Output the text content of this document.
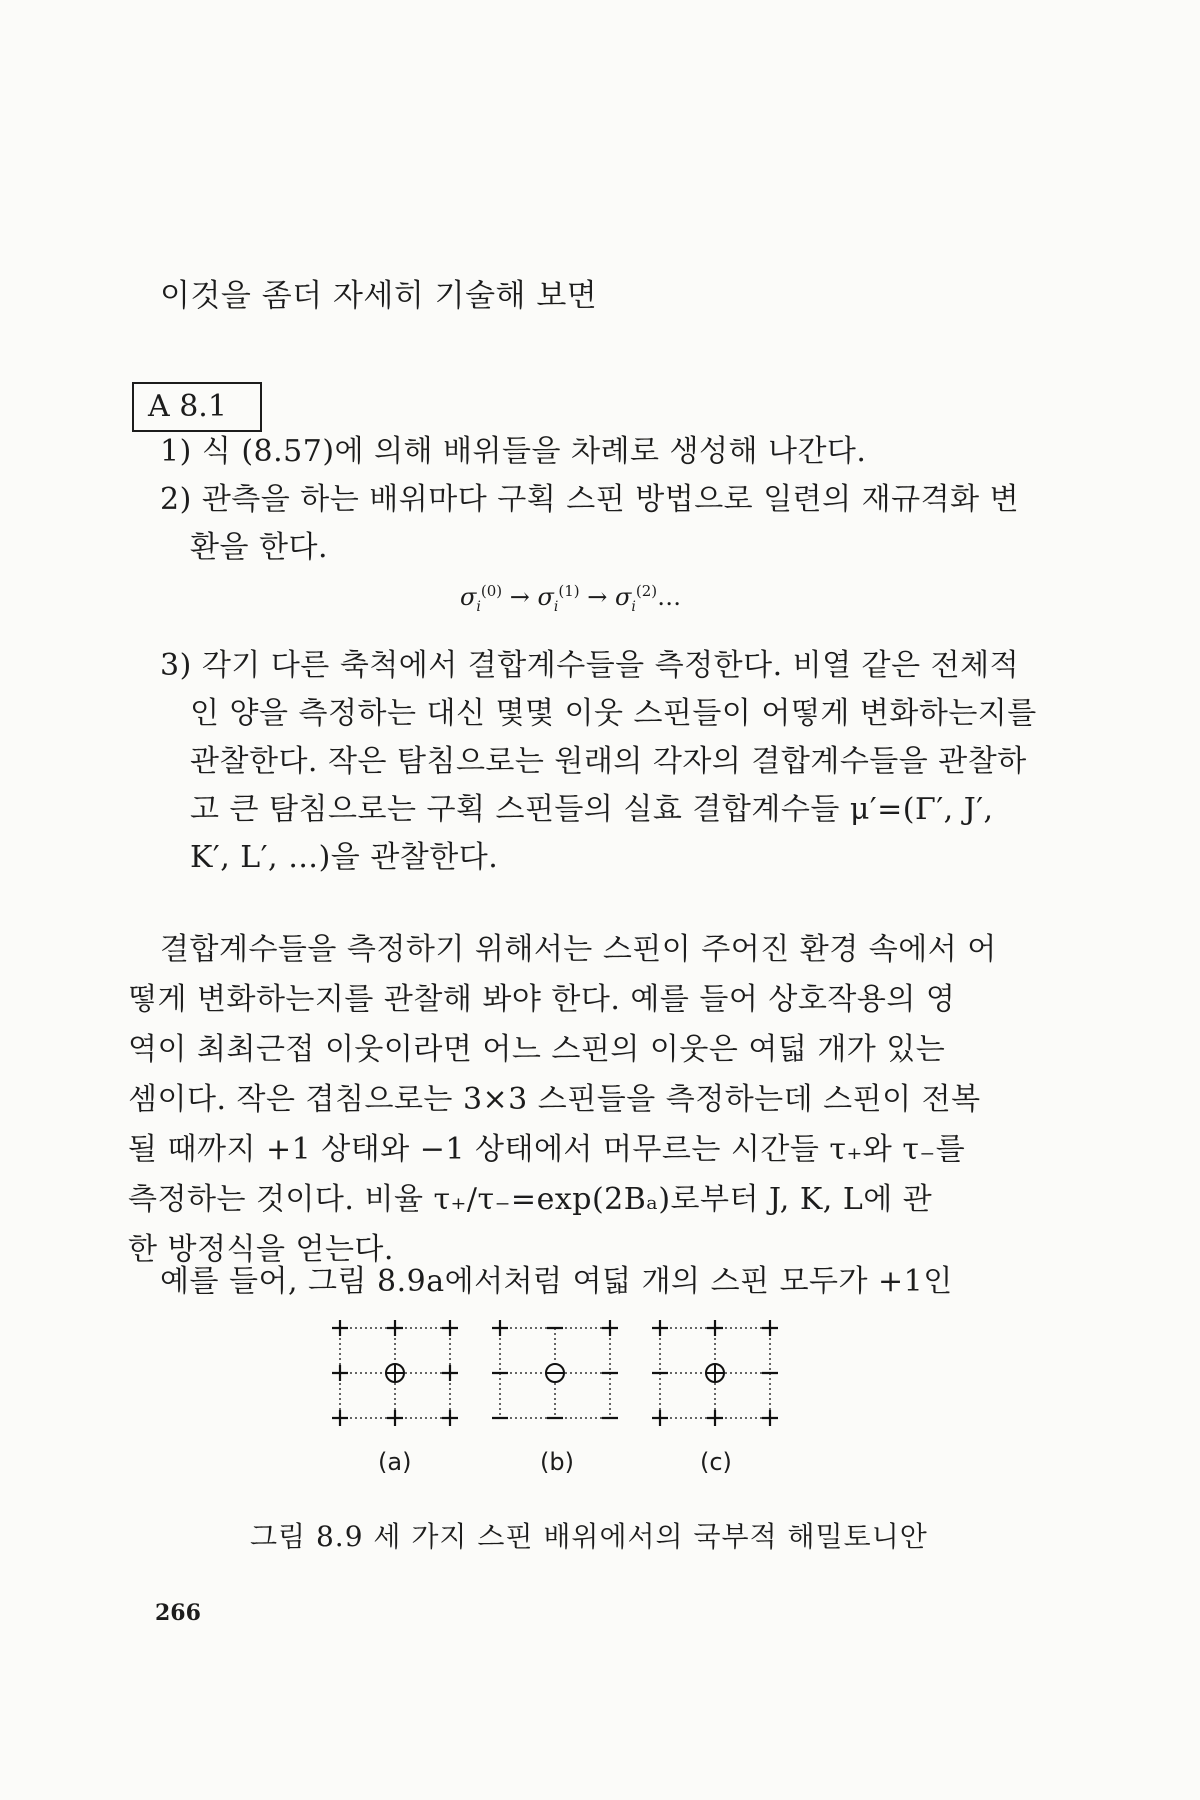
이것을 좀더 자세히 기술해 보면
A 8.1
1) 식 (8.57)에 의해 배위들을 차례로 생성해 나간다.
2) 관측을 하는 배위마다 구획 스핀 방법으로 일련의 재규격화 변
환을 한다.
$\sigma_i^{(0)} \to \sigma_i^{(1)}$ → $\sigma_i^{(2)}\dots$
3) 각기 다른 축척에서 결합계수들을 측정한다. 비열 같은 전체적
인 양을 측정하는 대신 몇몇 이웃 스핀들이 어떻게 변화하는지를
관찰한다. 작은 탐침으로는 원래의 각자의 결합계수들을 관찰하
고 큰 탐침으로는 구획 스핀들의 실효 결합계수들 μ′=(Γ′, J′,
K′, L′, …)을 관찰한다.
결합계수들을 측정하기 위해서는 스핀이 주어진 환경 속에서 어
떻게 변화하는지를 관찰해 봐야 한다. 예를 들어 상호작용의 영
역이 최최근접 이웃이라면 어느 스핀의 이웃은 여덟 개가 있는
셈이다. 작은 겹침으로는 3×3 스핀들을 측정하는데 스핀이 전복
될 때까지 +1 상태와 −1 상태에서 머무르는 시간들 τ₊와 τ₋를
측정하는 것이다. 비율 τ₊/τ₋=exp(2Bₐ)로부터 J, K, L에 관
한 방정식을 얻는다.
예를 들어, 그림 8.9a에서처럼 여덟 개의 스핀 모두가 +1인
(a)	(b)	(c)
그림 8.9 세 가지 스핀 배위에서의 국부적 해밀토니안
266
